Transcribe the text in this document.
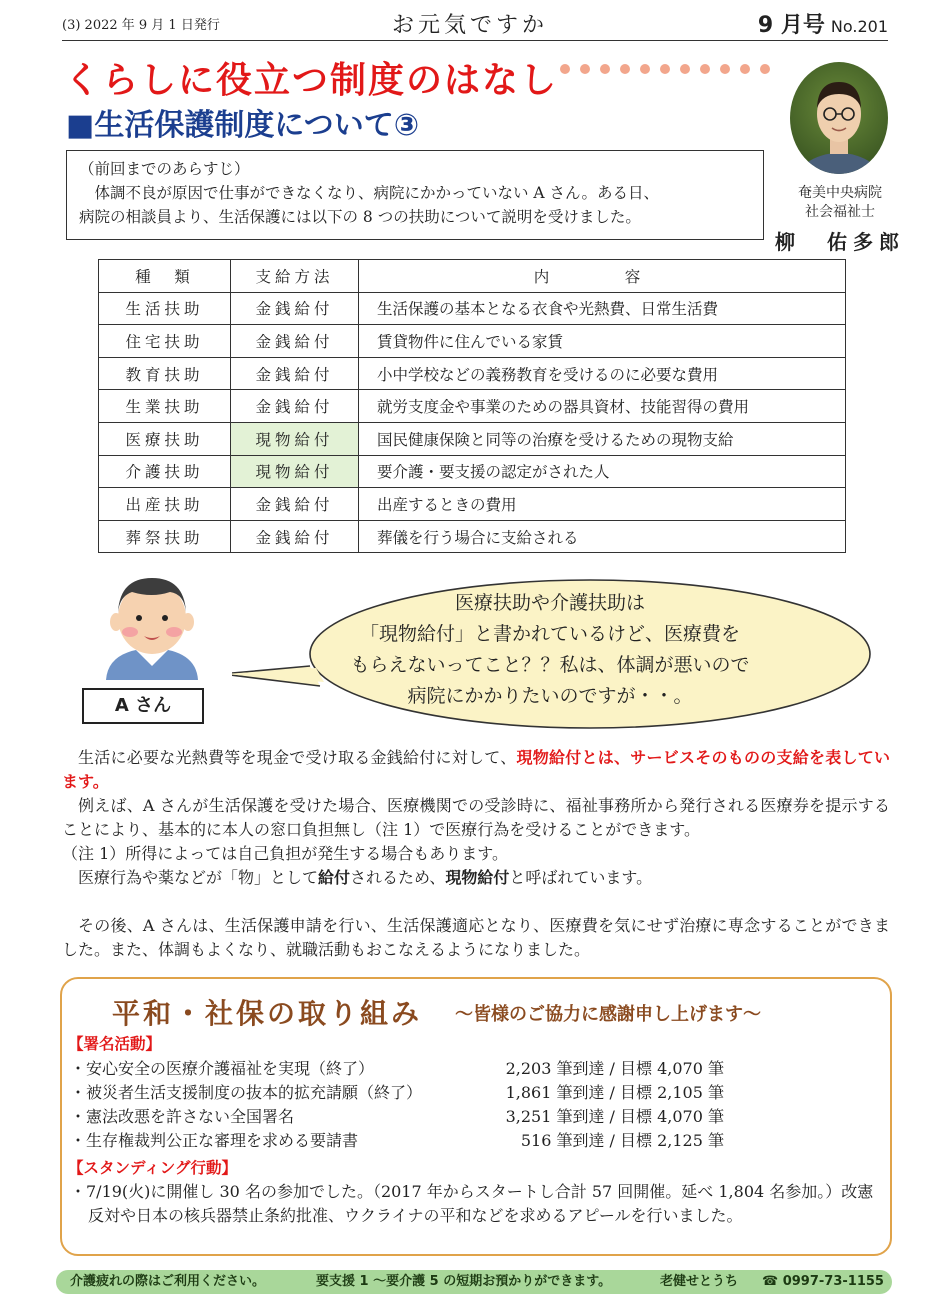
(3) 2022 年 9 月 1 日発行	お元気ですか	9 月号 No.201
くらしに役立つ制度のはなし
■生活保護制度について③
奄美中央病院
社会福祉士
柳　佑多郎

（前回までのあらすじ）

体調不良が原因で仕事ができなくなり、病院にかかっていない A さん。ある日、

病院の相談員より、生活保護には以下の 8 つの扶助について説明を受けました。

種　類	支給方法	内　容
生活扶助	金銭給付	生活保護の基本となる衣食や光熱費、日常生活費
住宅扶助	金銭給付	賃貸物件に住んでいる家賃
教育扶助	金銭給付	小中学校などの義務教育を受けるのに必要な費用
生業扶助	金銭給付	就労支度金や事業のための器具資材、技能習得の費用
医療扶助	現物給付	国民健康保険と同等の治療を受けるための現物支給
介護扶助	現物給付	要介護・要支援の認定がされた人
出産扶助	金銭給付	出産するときの費用
葬祭扶助	金銭給付	葬儀を行う場合に支給される
A さん
医療扶助や介護扶助は
「現物給付」と書かれているけど、医療費を
もらえないってこと？？私は、体調が悪いので
病院にかかりたいのですが・・。

生活に必要な光熱費等を現金で受け取る金銭給付に対して、現物給付とは、サービスそのものの支給を表しています。

例えば、A さんが生活保護を受けた場合、医療機関での受診時に、福祉事務所から発行される医療券を提示することにより、基本的に本人の窓口負担無し（注 1）で医療行為を受けることができます。

（注 1）所得によっては自己負担が発生する場合もあります。

医療行為や薬などが「物」として給付されるため、現物給付と呼ばれています。

その後、A さんは、生活保護申請を行い、生活保護適応となり、医療費を気にせず治療に専念することができました。また、体調もよくなり、就職活動もおこなえるようになりました。

平和・社保の取り組み ～皆様のご協力に感謝申し上げます～
【署名活動】
・安心安全の医療介護福祉を実現（終了）	2,203 筆到達 / 目標 4,070 筆
・被災者生活支援制度の抜本的拡充請願（終了）	1,861 筆到達 / 目標 2,105 筆
・憲法改悪を許さない全国署名	3,251 筆到達 / 目標 4,070 筆
・生存権裁判公正な審理を求める要請書	516 筆到達 / 目標 2,125 筆
【スタンディング行動】
・7/19(火)に開催し 30 名の参加でした。（2017 年からスタートし合計 57 回開催。延べ 1,804 名参加。）改憲反対や日本の核兵器禁止条約批准、ウクライナの平和などを求めるアピールを行いました。
介護疲れの際はご利用ください。	要支援 1 ～要介護 5 の短期お預かりができます。	老健せとうち ☎ 0997-73-1155
